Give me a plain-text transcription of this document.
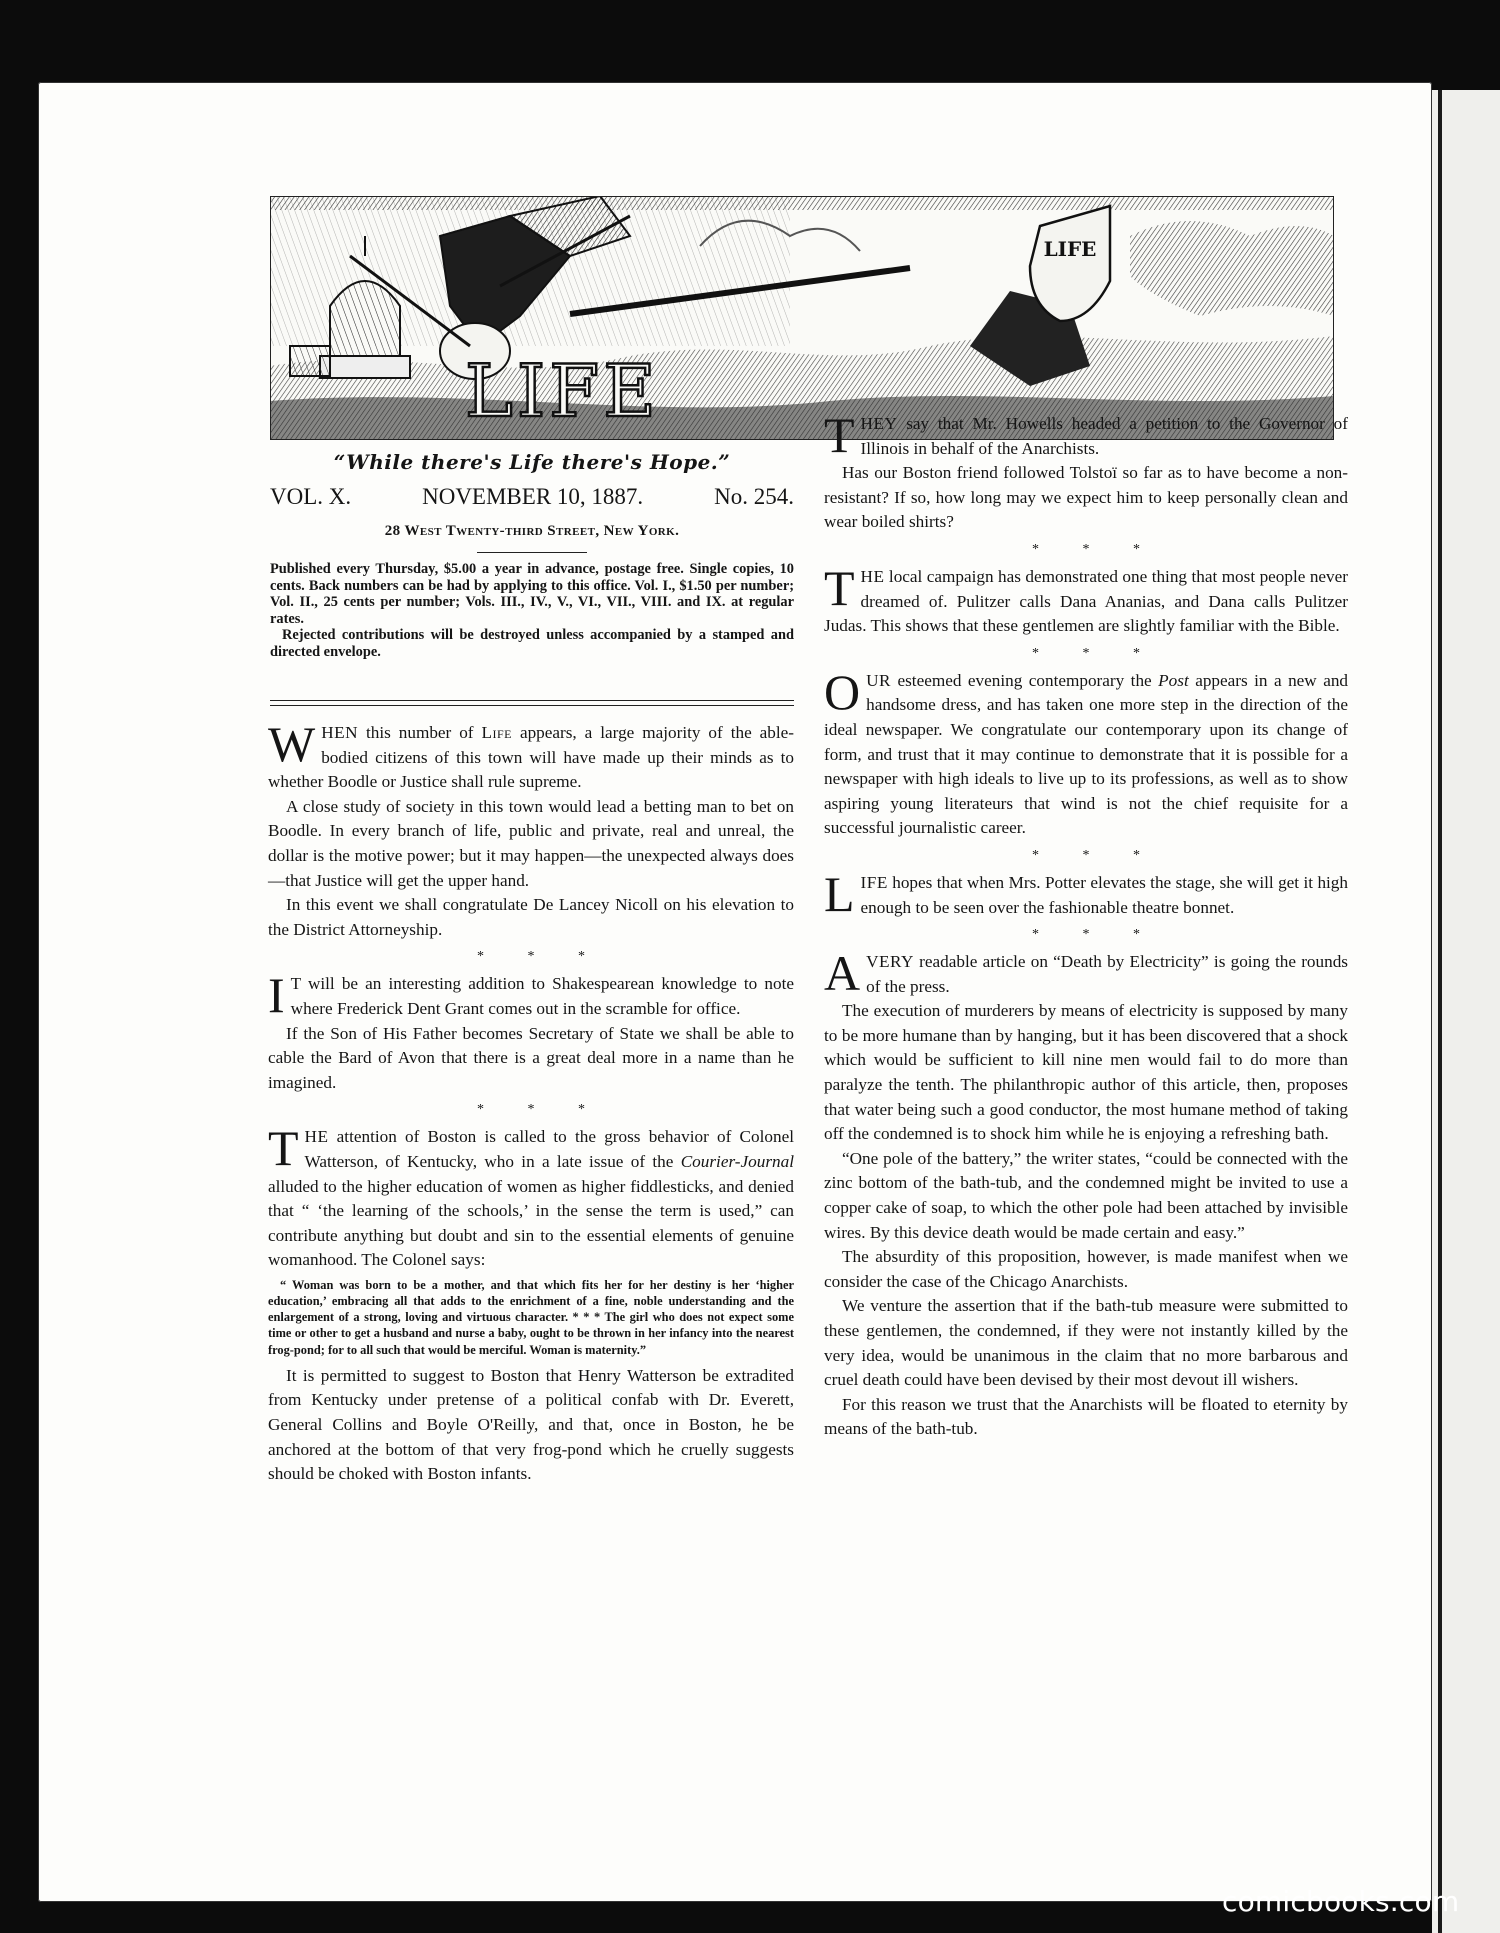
LIFE
LIFE
“While there's Life there's Hope.”
VOL. X.	NOVEMBER 10, 1887.	No. 254.
28 West Twenty-third Street, New York.

Published every Thursday, $5.00 a year in advance, postage free. Single copies, 10 cents. Back numbers can be had by applying to this office. Vol. I., $1.50 per number; Vol. II., 25 cents per number; Vols. III., IV., V., VI., VII., VIII. and IX. at regular rates.

Rejected contributions will be destroyed unless accompanied by a stamped and directed envelope.

WHEN this number of Life appears, a large majority of the able-bodied citizens of this town will have made up their minds as to whether Boodle or Justice shall rule supreme.

A close study of society in this town would lead a betting man to bet on Boodle. In every branch of life, public and private, real and unreal, the dollar is the motive power; but it may happen—the unexpected always does—that Justice will get the upper hand.

In this event we shall congratulate De Lancey Nicoll on his elevation to the District Attorneyship.

* * *

I T will be an interesting addition to Shakespearean knowledge to note where Frederick Dent Grant comes out in the scramble for office.

If the Son of His Father becomes Secretary of State we shall be able to cable the Bard of Avon that there is a great deal more in a name than he imagined.

* * *

THE attention of Boston is called to the gross behavior of Colonel Watterson, of Kentucky, who in a late issue of the Courier-Journal alluded to the higher education of women as higher fiddlesticks, and denied that “ ‘the learning of the schools,’ in the sense the term is used,” can contribute anything but doubt and sin to the essential elements of genuine womanhood. The Colonel says:

“ Woman was born to be a mother, and that which fits her for her destiny is her ‘higher education,’ embracing all that adds to the enrichment of a fine, noble understanding and the enlargement of a strong, loving and virtuous character. * * * The girl who does not expect some time or other to get a husband and nurse a baby, ought to be thrown in her infancy into the nearest frog-pond; for to all such that would be merciful. Woman is maternity.”

It is permitted to suggest to Boston that Henry Watterson be extradited from Kentucky under pretense of a political confab with Dr. Everett, General Collins and Boyle O'Reilly, and that, once in Boston, he be anchored at the bottom of that very frog-pond which he cruelly suggests should be choked with Boston infants.

THEY say that Mr. Howells headed a petition to the Governor of Illinois in behalf of the Anarchists.

Has our Boston friend followed Tolstoï so far as to have become a non-resistant? If so, how long may we expect him to keep personally clean and wear boiled shirts?

* * *

THE local campaign has demonstrated one thing that most people never dreamed of. Pulitzer calls Dana Ananias, and Dana calls Pulitzer Judas. This shows that these gentlemen are slightly familiar with the Bible.

* * *

OUR esteemed evening contemporary the Post appears in a new and handsome dress, and has taken one more step in the direction of the ideal newspaper. We congratulate our contemporary upon its change of form, and trust that it may continue to demonstrate that it is possible for a newspaper with high ideals to live up to its professions, as well as to show aspiring young literateurs that wind is not the chief requisite for a successful journalistic career.

* * *

LIFE hopes that when Mrs. Potter elevates the stage, she will get it high enough to be seen over the fashionable theatre bonnet.

* * *

AVERY readable article on “Death by Electricity” is going the rounds of the press.

The execution of murderers by means of electricity is supposed by many to be more humane than by hanging, but it has been discovered that a shock which would be sufficient to kill nine men would fail to do more than paralyze the tenth. The philanthropic author of this article, then, proposes that water being such a good conductor, the most humane method of taking off the condemned is to shock him while he is enjoying a refreshing bath.

“One pole of the battery,” the writer states, “could be connected with the zinc bottom of the bath-tub, and the condemned might be invited to use a copper cake of soap, to which the other pole had been attached by invisible wires. By this device death would be made certain and easy.”

The absurdity of this proposition, however, is made manifest when we consider the case of the Chicago Anarchists.

We venture the assertion that if the bath-tub measure were submitted to these gentlemen, the condemned, if they were not instantly killed by the very idea, would be unanimous in the claim that no more barbarous and cruel death could have been devised by their most devout ill wishers.

For this reason we trust that the Anarchists will be floated to eternity by means of the bath-tub.

comicbooks.com
